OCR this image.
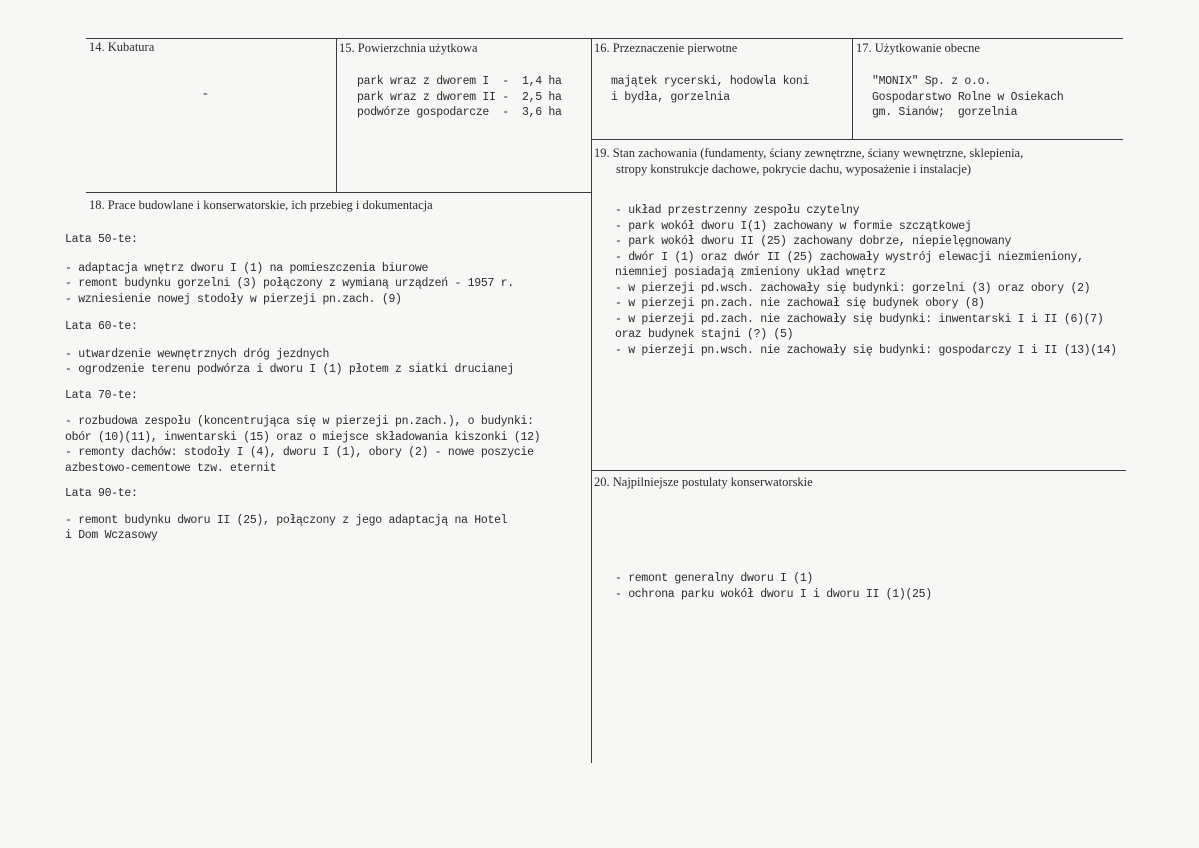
14. Kubatura
-
15. Powierzchnia użytkowa
park wraz z dworem I  -  1,4 ha
park wraz z dworem II -  2,5 ha
podwórze gospodarcze  -  3,6 ha
16. Przeznaczenie pierwotne
majątek rycerski, hodowla koni
i bydła, gorzelnia
17. Użytkowanie obecne
"MONIX" Sp. z o.o.
Gospodarstwo Rolne w Osiekach
gm. Sianów;  gorzelnia
18. Prace budowlane i konserwatorskie, ich przebieg i dokumentacja
Lata 50-te:
- adaptacja wnętrz dworu I (1) na pomieszczenia biurowe
- remont budynku gorzelni (3) połączony z wymianą urządzeń - 1957 r.
- wzniesienie nowej stodoły w pierzeji pn.zach. (9)
Lata 60-te:
- utwardzenie wewnętrznych dróg jezdnych
- ogrodzenie terenu podwórza i dworu I (1) płotem z siatki drucianej
Lata 70-te:
- rozbudowa zespołu (koncentrująca się w pierzeji pn.zach.), o budynki:
obór (10)(11), inwentarski (15) oraz o miejsce składowania kiszonki (12)
- remonty dachów: stodoły I (4), dworu I (1), obory (2) - nowe poszycie
azbestowo-cementowe tzw. eternit
Lata 90-te:
- remont budynku dworu II (25), połączony z jego adaptacją na Hotel
i Dom Wczasowy
19. Stan zachowania (fundamenty, ściany zewnętrzne, ściany wewnętrzne, sklepienia,
stropy konstrukcje dachowe, pokrycie dachu, wyposażenie i instalacje)
- układ przestrzenny zespołu czytelny
- park wokół dworu I(1) zachowany w formie szczątkowej
- park wokół dworu II (25) zachowany dobrze, niepielęgnowany
- dwór I (1) oraz dwór II (25) zachowały wystrój elewacji niezmieniony,
niemniej posiadają zmieniony układ wnętrz
- w pierzeji pd.wsch. zachowały się budynki: gorzelni (3) oraz obory (2)
- w pierzeji pn.zach. nie zachował się budynek obory (8)
- w pierzeji pd.zach. nie zachowały się budynki: inwentarski I i II (6)(7)
oraz budynek stajni (?) (5)
- w pierzeji pn.wsch. nie zachowały się budynki: gospodarczy I i II (13)(14)
20. Najpilniejsze postulaty konserwatorskie
- remont generalny dworu I (1)
- ochrona parku wokół dworu I i dworu II (1)(25)
